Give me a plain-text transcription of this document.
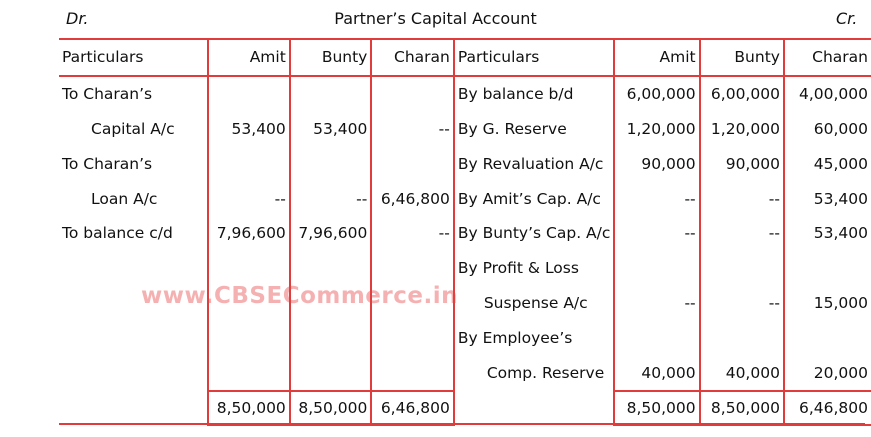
Dr.	Partner’s Capital Account	Cr.
Particulars	Amit	Bunty	Charan	Particulars	Amit	Bunty	Charan
To Charan’s				By balance b/d	6,00,000	6,00,000	4,00,000
Capital A/c	53,400	53,400	--	By G. Reserve	1,20,000	1,20,000	60,000
To Charan’s				By Revaluation A/c	90,000	90,000	45,000
Loan A/c	--	--	6,46,800	By Amit’s Cap. A/c	--	--	53,400
To balance c/d	7,96,600	7,96,600	--	By Bunty’s Cap. A/c	--	--	53,400
				By Profit & Loss			
				Suspense A/c	--	--	15,000
				By Employee’s			
				Comp. Reserve	40,000	40,000	20,000
	8,50,000	8,50,000	6,46,800		8,50,000	8,50,000	6,46,800
www.CBSECommerce.in
